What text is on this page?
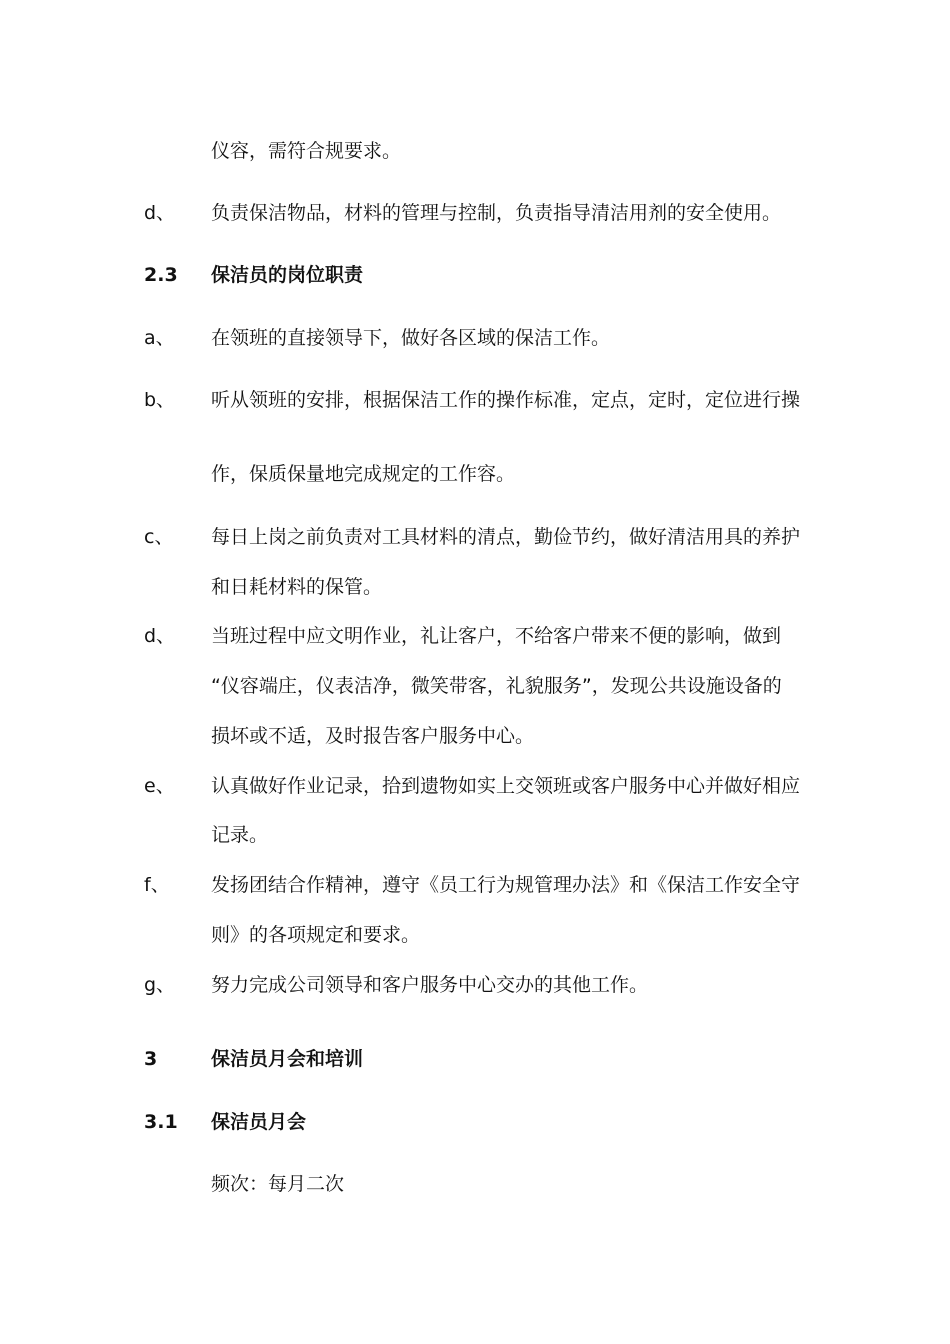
仪容，需符合规要求。
d、	负责保洁物品，材料的管理与控制，负责指导清洁用剂的安全使用。
2.3	保洁员的岗位职责
a、	在领班的直接领导下，做好各区域的保洁工作。
b、	听从领班的安排，根据保洁工作的操作标准，定点，定时，定位进行操
作，保质保量地完成规定的工作容。
c、	每日上岗之前负责对工具材料的清点，勤俭节约，做好清洁用具的养护
和日耗材料的保管。
d、	当班过程中应文明作业，礼让客户，不给客户带来不便的影响，做到
“仪容端庄，仪表洁净，微笑带客，礼貌服务”，发现公共设施设备的
损坏或不适，及时报告客户服务中心。
e、	认真做好作业记录，拾到遗物如实上交领班或客户服务中心并做好相应
记录。
f、	发扬团结合作精神，遵守《员工行为规管理办法》和《保洁工作安全守
则》的各项规定和要求。
g、	努力完成公司领导和客户服务中心交办的其他工作。
3	保洁员月会和培训
3.1	保洁员月会
频次：每月二次
